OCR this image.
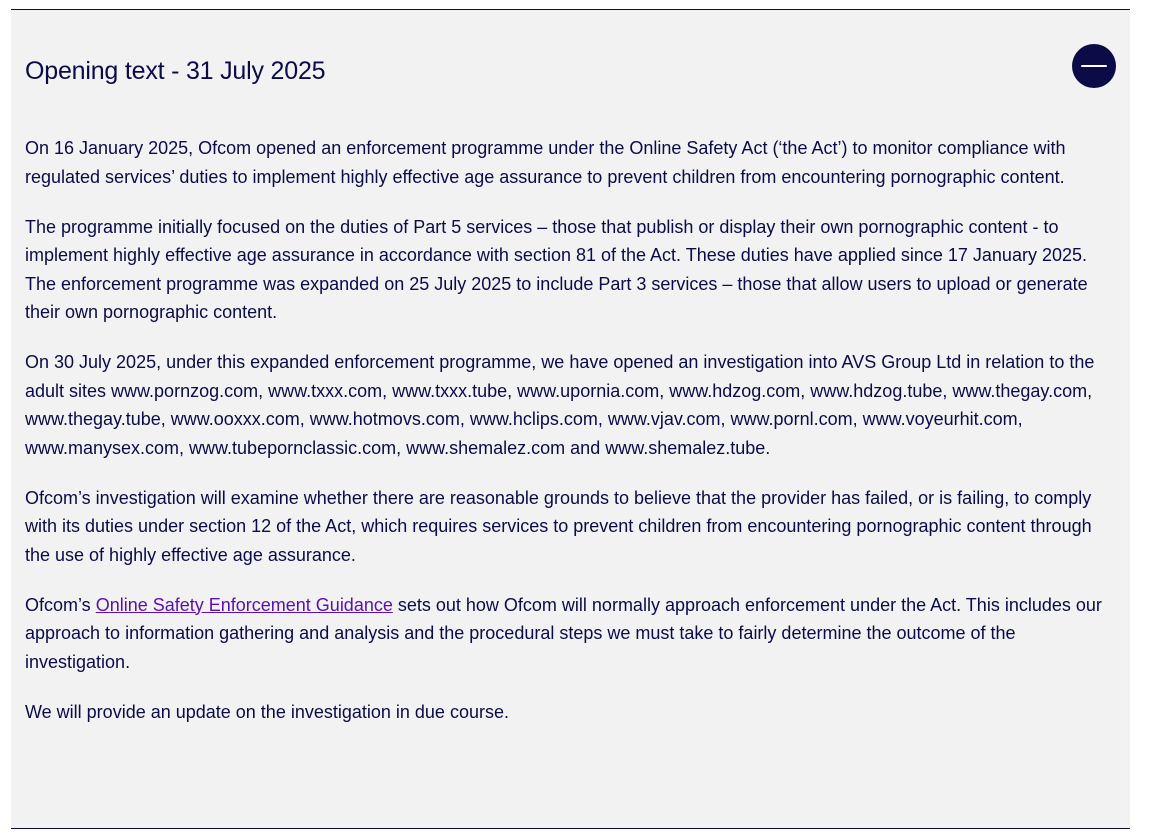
Opening text - 31 July 2025

On 16 January 2025, Ofcom opened an enforcement programme under the Online Safety Act (‘the Act’) to monitor compliance with regulated services’ duties to implement highly effective age assurance to prevent children from encountering pornographic content.

The programme initially focused on the duties of Part 5 services – those that publish or display their own pornographic content - to implement highly effective age assurance in accordance with section 81 of the Act. These duties have applied since 17 January 2025. The enforcement programme was expanded on 25 July 2025 to include Part 3 services – those that allow users to upload or generate their own pornographic content.

On 30 July 2025, under this expanded enforcement programme, we have opened an investigation into AVS Group Ltd in relation to the adult sites www.pornzog.com, www.txxx.com, www.txxx.tube, www.upornia.com, www.hdzog.com, www.hdzog.tube, www.thegay.com, www.thegay.tube, www.ooxxx.com, www.hotmovs.com, www.hclips.com, www.vjav.com, www.pornl.com, www.voyeurhit.com, www.manysex.com, www.tubepornclassic.com, www.shemalez.com and www.shemalez.tube.

Ofcom’s investigation will examine whether there are reasonable grounds to believe that the provider has failed, or is failing, to comply with its duties under section 12 of the Act, which requires services to prevent children from encountering pornographic content through the use of highly effective age assurance.

Ofcom’s Online Safety Enforcement Guidance sets out how Ofcom will normally approach enforcement under the Act. This includes our approach to information gathering and analysis and the procedural steps we must take to fairly determine the outcome of the investigation.

We will provide an update on the investigation in due course.
